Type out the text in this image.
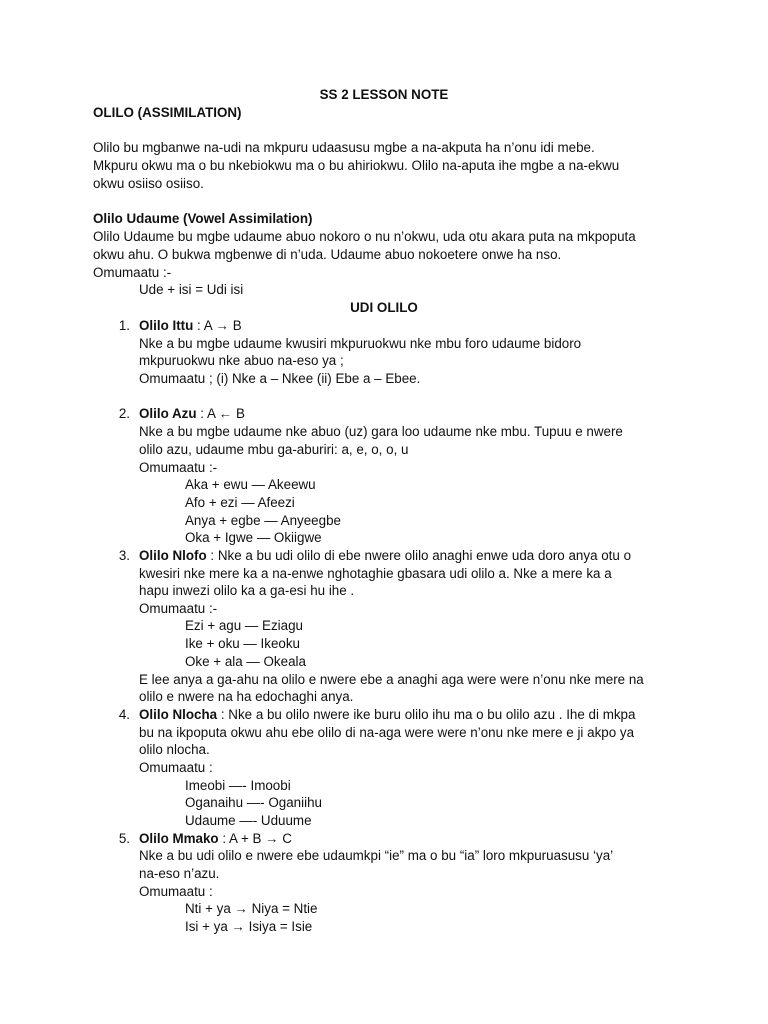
SS 2 LESSON NOTE
OLILO (ASSIMILATION)
Olilo bu mgbanwe na-udi na mkpuru udaasusu mgbe a na-akputa ha n’onu idi mebe.
Mkpuru okwu ma o bu nkebiokwu ma o bu ahiriokwu. Olilo na-aputa ihe mgbe a na-ekwu
okwu osiiso osiiso.
Olilo Udaume (Vowel Assimilation)
Olilo Udaume bu mgbe udaume abuo nokoro o nu n’okwu, uda otu akara puta na mkpoputa
okwu ahu. O bukwa mgbenwe di n’uda. Udaume abuo nokoetere onwe ha nso.
Omumaatu :-
Ude + isi = Udi isi
UDI OLILO
1. Olilo Ittu : A → B
Nke a bu mgbe udaume kwusiri mkpuruokwu nke mbu foro udaume bidoro
mkpuruokwu nke abuo na-eso ya ;
Omumaatu ; (i) Nke a – Nkee (ii) Ebe a – Ebee.
2. Olilo Azu : A ← B
Nke a bu mgbe udaume nke abuo (uz) gara loo udaume nke mbu. Tupuu e nwere
olilo azu, udaume mbu ga-aburiri: a, e, o, o, u
Omumaatu :-
Aka + ewu — Akeewu
Afo + ezi — Afeezi
Anya + egbe — Anyeegbe
Oka + Igwe — Okiigwe
3. Olilo Nlofo : Nke a bu udi olilo di ebe nwere olilo anaghi enwe uda doro anya otu o
kwesiri nke mere ka a na-enwe nghotaghie gbasara udi olilo a. Nke a mere ka a
hapu inwezi olilo ka a ga-esi hu ihe .
Omumaatu :-
Ezi + agu — Eziagu
Ike + oku — Ikeoku
Oke + ala — Okeala
E lee anya a ga-ahu na olilo e nwere ebe a anaghi aga were were n’onu nke mere na
olilo e nwere na ha edochaghi anya.
4. Olilo Nlocha : Nke a bu olilo nwere ike buru olilo ihu ma o bu olilo azu . Ihe di mkpa
bu na ikpoputa okwu ahu ebe olilo di na-aga were were n’onu nke mere e ji akpo ya
olilo nlocha.
Omumaatu :
Imeobi —- Imoobi
Oganaihu —- Oganiihu
Udaume —- Uduume
5. Olilo Mmako : A + B → C
Nke a bu udi olilo e nwere ebe udaumkpi “ie” ma o bu “ia” loro mkpuruasusu ‘ya’
na-eso n’azu.
Omumaatu :
Nti + ya → Niya = Ntie
Isi + ya → Isiya = Isie
